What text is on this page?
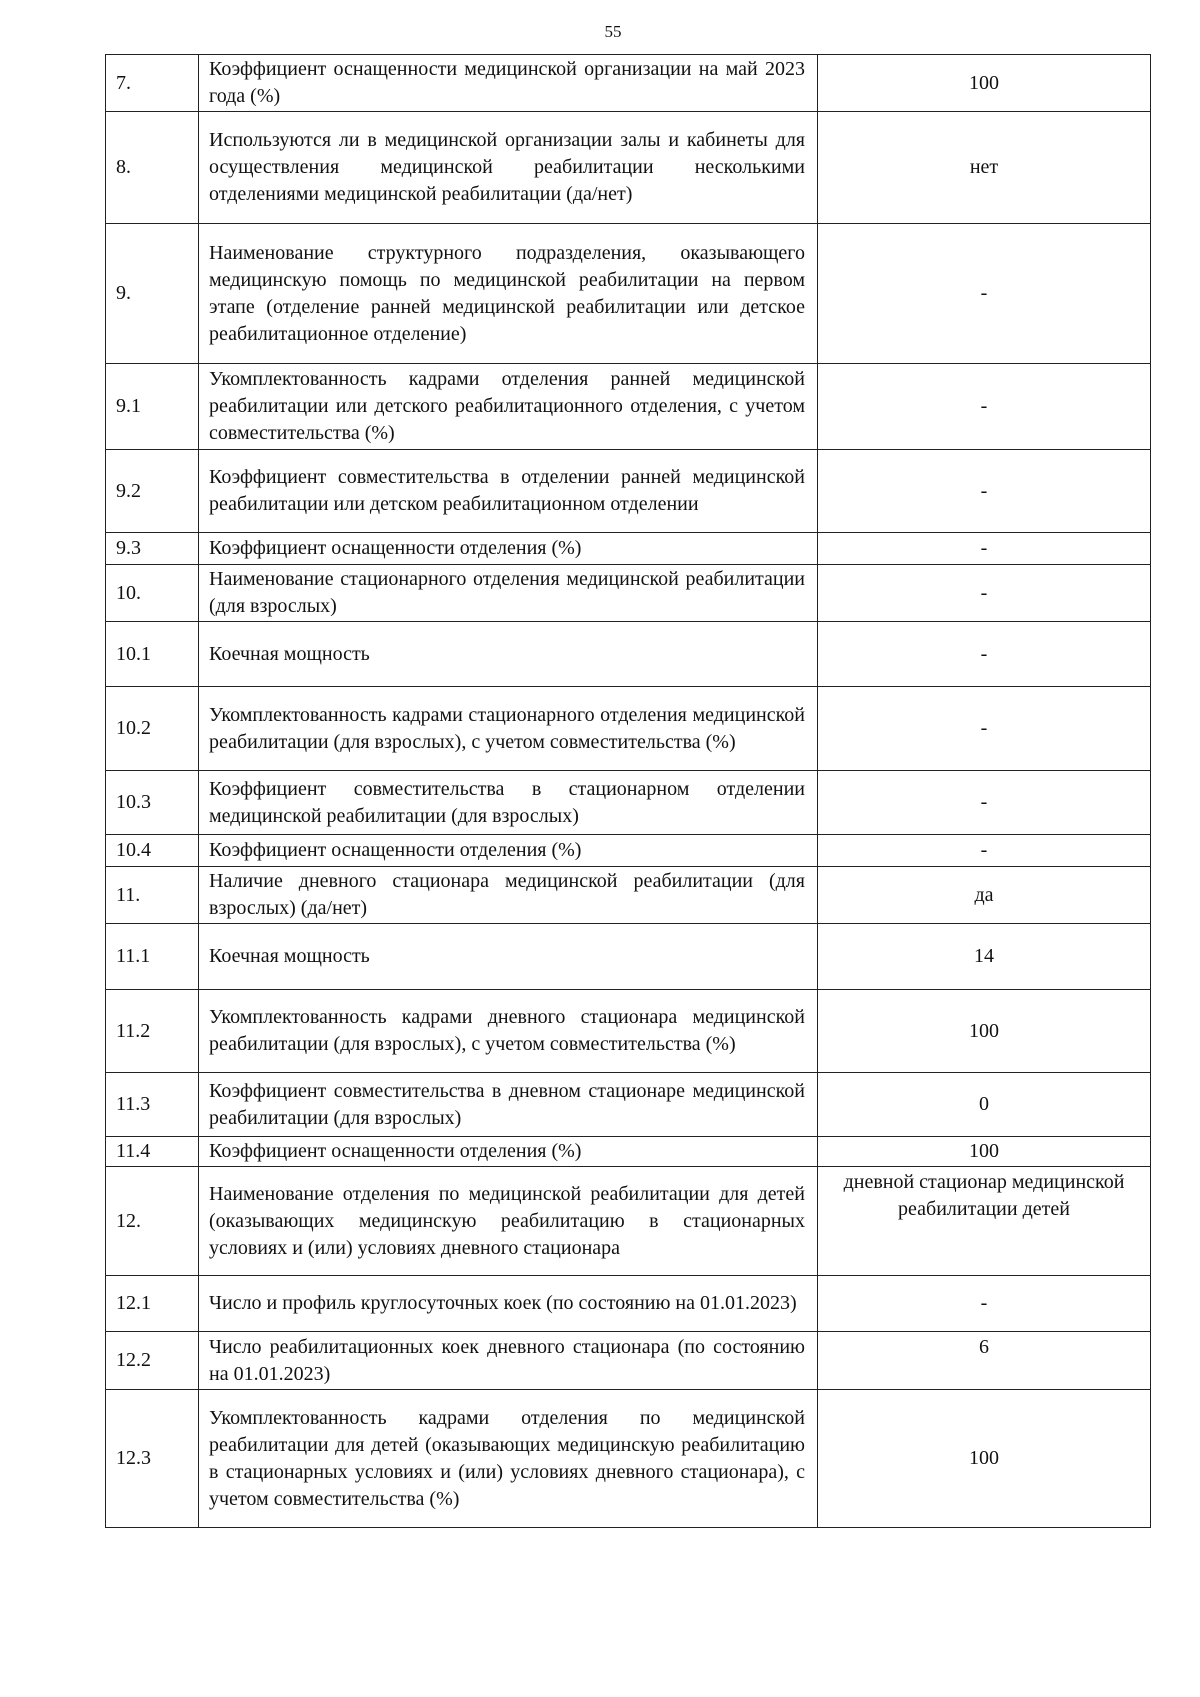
55
7.	Коэффициент оснащенности медицинской организации на май 2023 года (%)	100
8.	Используются ли в медицинской организации залы и кабинеты для осуществления медицинской реабилитации несколькими отделениями медицинской реабилитации (да/нет)	нет
9.	Наименование структурного подразделения, оказывающего медицинскую помощь по медицинской реабилитации на первом этапе (отделение ранней медицинской реабилитации или детское реабилитационное отделение)	-
9.1	Укомплектованность кадрами отделения ранней медицинской реабилитации или детского реабилитационного отделения, с учетом совместительства (%)	-
9.2	Коэффициент совместительства в отделении ранней медицинской реабилитации или детском реабилитационном отделении	-
9.3	Коэффициент оснащенности отделения (%)	-
10.	Наименование стационарного отделения медицинской реабилитации (для взрослых)	-
10.1	Коечная мощность	-
10.2	Укомплектованность кадрами стационарного отделения медицинской реабилитации (для взрослых), с учетом совместительства (%)	-
10.3	Коэффициент совместительства в стационарном отделении медицинской реабилитации (для взрослых)	-
10.4	Коэффициент оснащенности отделения (%)	-
11.	Наличие дневного стационара медицинской реабилитации (для взрослых) (да/нет)	да
11.1	Коечная мощность	14
11.2	Укомплектованность кадрами дневного стационара медицинской реабилитации (для взрослых), с учетом совместительства (%)	100
11.3	Коэффициент совместительства в дневном стационаре медицинской реабилитации (для взрослых)	0
11.4	Коэффициент оснащенности отделения (%)	100
12.	Наименование отделения по медицинской реабилитации для детей (оказывающих медицинскую реабилитацию в стационарных условиях и (или) условиях дневного стационара	дневной стационар медицинской реабилитации детей
12.1	Число и профиль круглосуточных коек (по состоянию на 01.01.2023)	-
12.2	Число реабилитационных коек дневного стационара (по состоянию на 01.01.2023)	6
12.3	Укомплектованность кадрами отделения по медицинской реабилитации для детей (оказывающих медицинскую реабилитацию в стационарных условиях и (или) условиях дневного стационара), с учетом совместительства (%)	100
